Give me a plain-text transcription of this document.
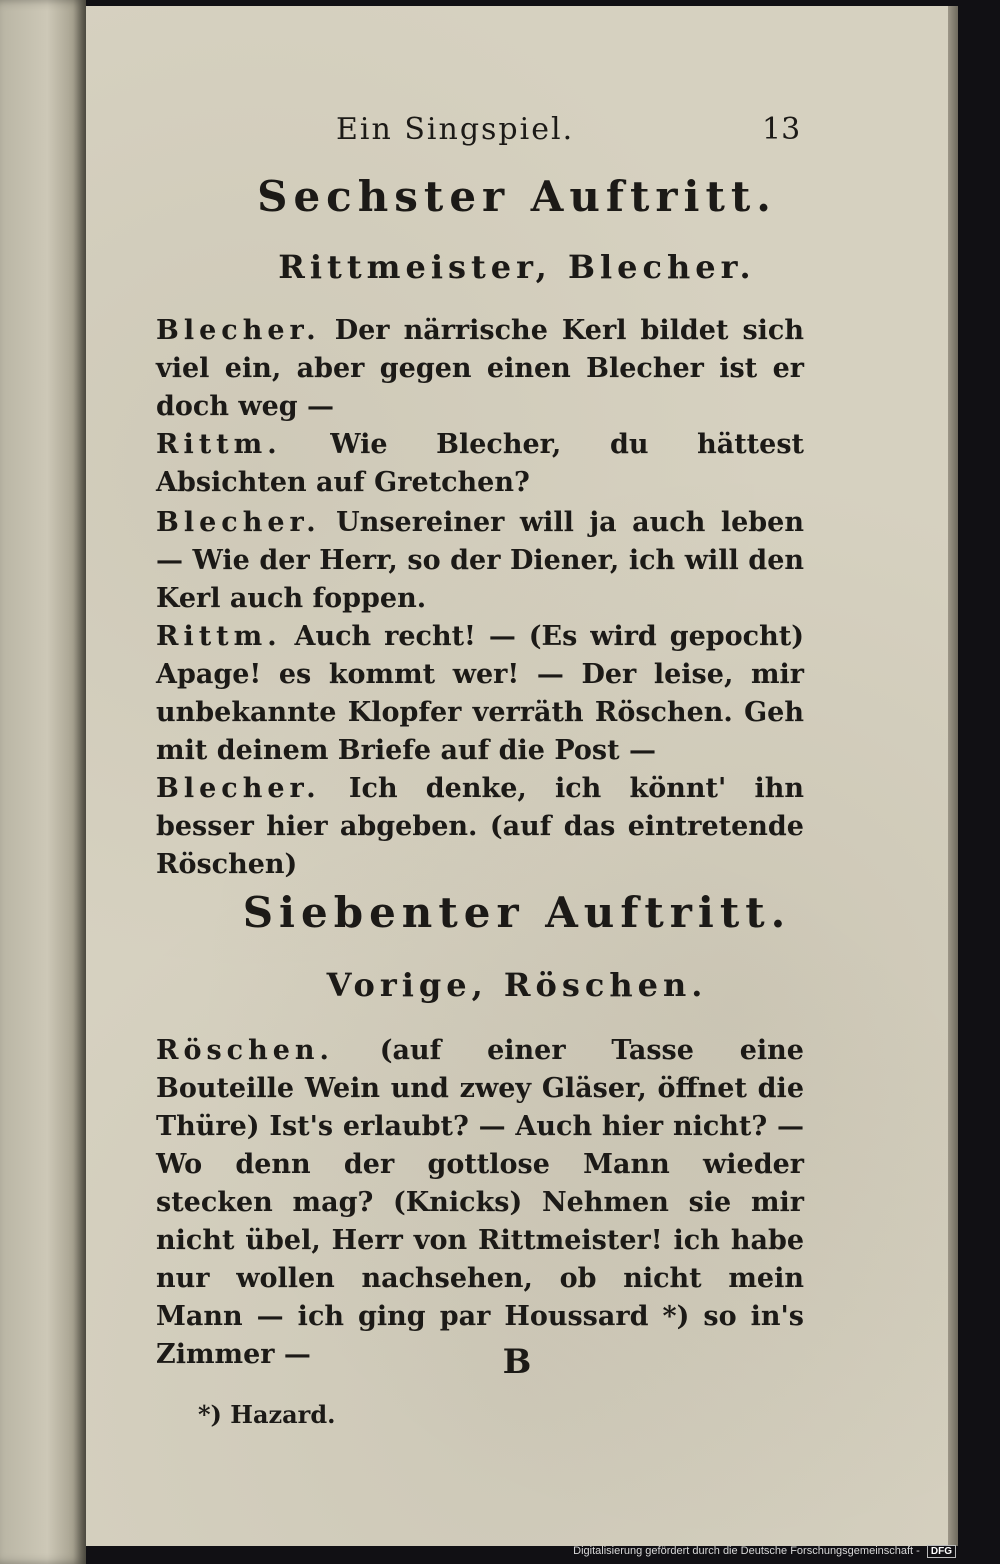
Ein Singspiel.	13
Sechster Auftritt.
Rittmeister, Blecher.
Blecher. Der närrische Kerl bildet sich viel ein, aber gegen einen Blecher ist er doch weg —
Rittm. Wie Blecher, du hättest Absichten auf Gretchen?
Blecher. Unsereiner will ja auch leben — Wie der Herr, so der Diener, ich will den Kerl auch foppen.
Rittm. Auch recht! — (Es wird gepocht) Apage! es kommt wer! — Der leise, mir unbekannte Klopfer verräth Röschen. Geh mit deinem Briefe auf die Post —
Blecher. Ich denke, ich könnt' ihn besser hier abgeben. (auf das eintretende Röschen)
Siebenter Auftritt.
Vorige, Röschen.
Röschen. (auf einer Tasse eine Bouteille Wein und zwey Gläser, öffnet die Thüre) Ist's erlaubt? — Auch hier nicht? — Wo denn der gottlose Mann wieder stecken mag? (Knicks) Nehmen sie mir nicht übel, Herr von Rittmeister! ich habe nur wollen nachsehen, ob nicht mein Mann — ich ging par Houssard *) so in's Zimmer —	B
*) Hazard.
Digitalisierung gefördert durch die Deutsche Forschungsgemeinschaft - DFG
